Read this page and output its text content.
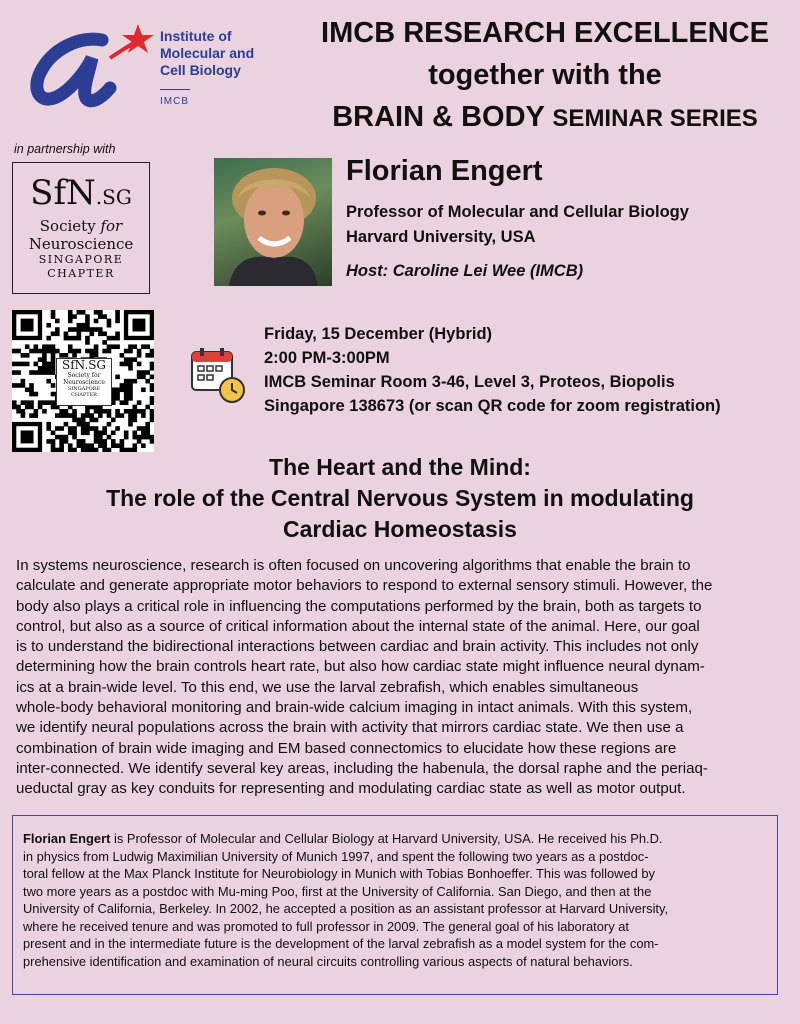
Institute of
Molecular and
Cell Biology
IMCB
IMCB RESEARCH EXCELLENCE
together with the
BRAIN & BODY SEMINAR SERIES
in partnership with
SfN.SG
Society for
Neuroscience
SINGAPORE
CHAPTER
Florian Engert
Professor of Molecular and Cellular Biology
Harvard University, USA
Host: Caroline Lei Wee (IMCB)
SfN.SG
Society for
Neuroscience
SINGAPORE
CHAPTER
Friday, 15 December (Hybrid)
2:00 PM-3:00PM
IMCB Seminar Room 3-46, Level 3, Proteos, Biopolis
Singapore 138673 (or scan QR code for zoom registration)
The Heart and the Mind:
The role of the Central Nervous System in modulating
Cardiac Homeostasis
In systems neuroscience, research is often focused on uncovering algorithms that enable the brain to
calculate and generate appropriate motor behaviors to respond to external sensory stimuli. However, the
body also plays a critical role in influencing the computations performed by the brain, both as targets to
control, but also as a source of critical information about the internal state of the animal. Here, our goal
is to understand the bidirectional interactions between cardiac and brain activity. This includes not only
determining how the brain controls heart rate, but also how cardiac state might influence neural dynam-
ics at a brain-wide level. To this end, we use the larval zebrafish, which enables simultaneous
whole-body behavioral monitoring and brain-wide calcium imaging in intact animals. With this system,
we identify neural populations across the brain with activity that mirrors cardiac state. We then use a
combination of brain wide imaging and EM based connectomics to elucidate how these regions are
inter-connected. We identify several key areas, including the habenula, the dorsal raphe and the periaq-
ueductal gray as key conduits for representing and modulating cardiac state as well as motor output.
Florian Engert is Professor of Molecular and Cellular Biology at Harvard University, USA. He received his Ph.D.
in physics from Ludwig Maximilian University of Munich 1997, and spent the following two years as a postdoc-
toral fellow at the Max Planck Institute for Neurobiology in Munich with Tobias Bonhoeffer. This was followed by
two more years as a postdoc with Mu-ming Poo, first at the University of California. San Diego, and then at the
University of California, Berkeley. In 2002, he accepted a position as an assistant professor at Harvard University,
where he received tenure and was promoted to full professor in 2009. The general goal of his laboratory at
present and in the intermediate future is the development of the larval zebrafish as a model system for the com-
prehensive identification and examination of neural circuits controlling various aspects of natural behaviors.
